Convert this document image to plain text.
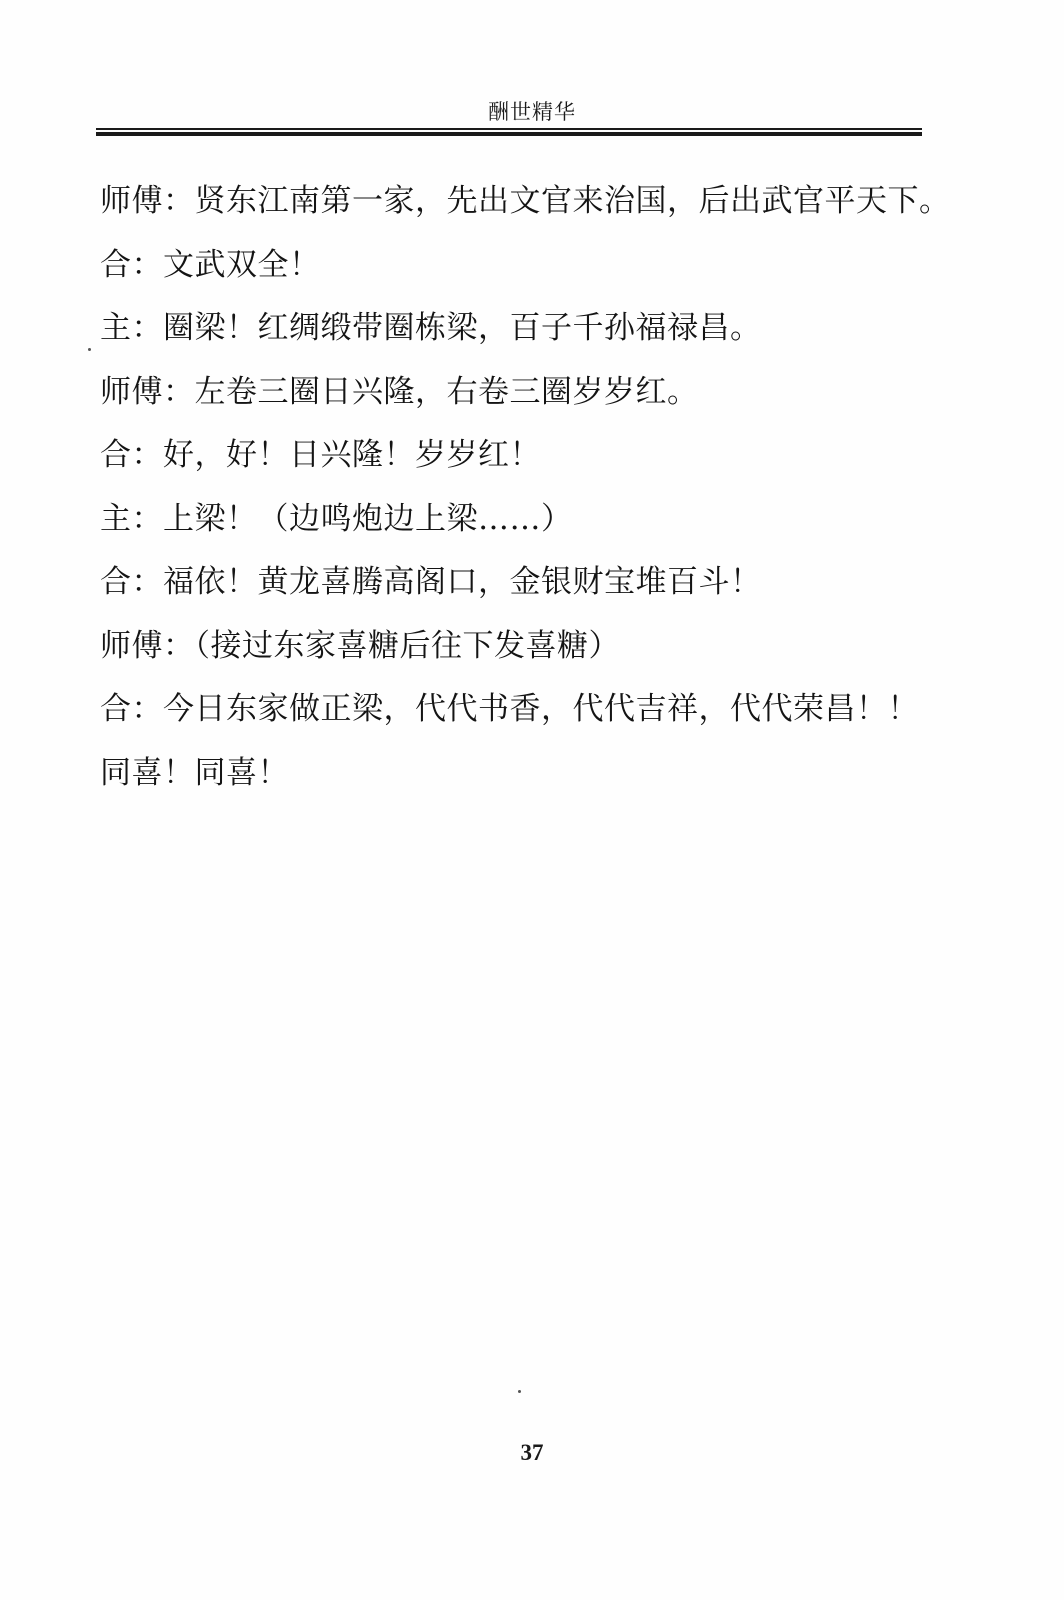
酬世精华
师傅：贤东江南第一家，先出文官来治国，后出武官平天下。
合：文武双全！
主：圈梁！红绸缎带圈栋梁，百子千孙福禄昌。
师傅：左卷三圈日兴隆，右卷三圈岁岁红。
合：好，好！日兴隆！岁岁红！
主：上梁！（边鸣炮边上梁……）
合：福依！黄龙喜腾高阁口，金银财宝堆百斗！
师傅：（接过东家喜糖后往下发喜糖）
合：今日东家做正梁，代代书香，代代吉祥，代代荣昌！！
同喜！同喜！
37
